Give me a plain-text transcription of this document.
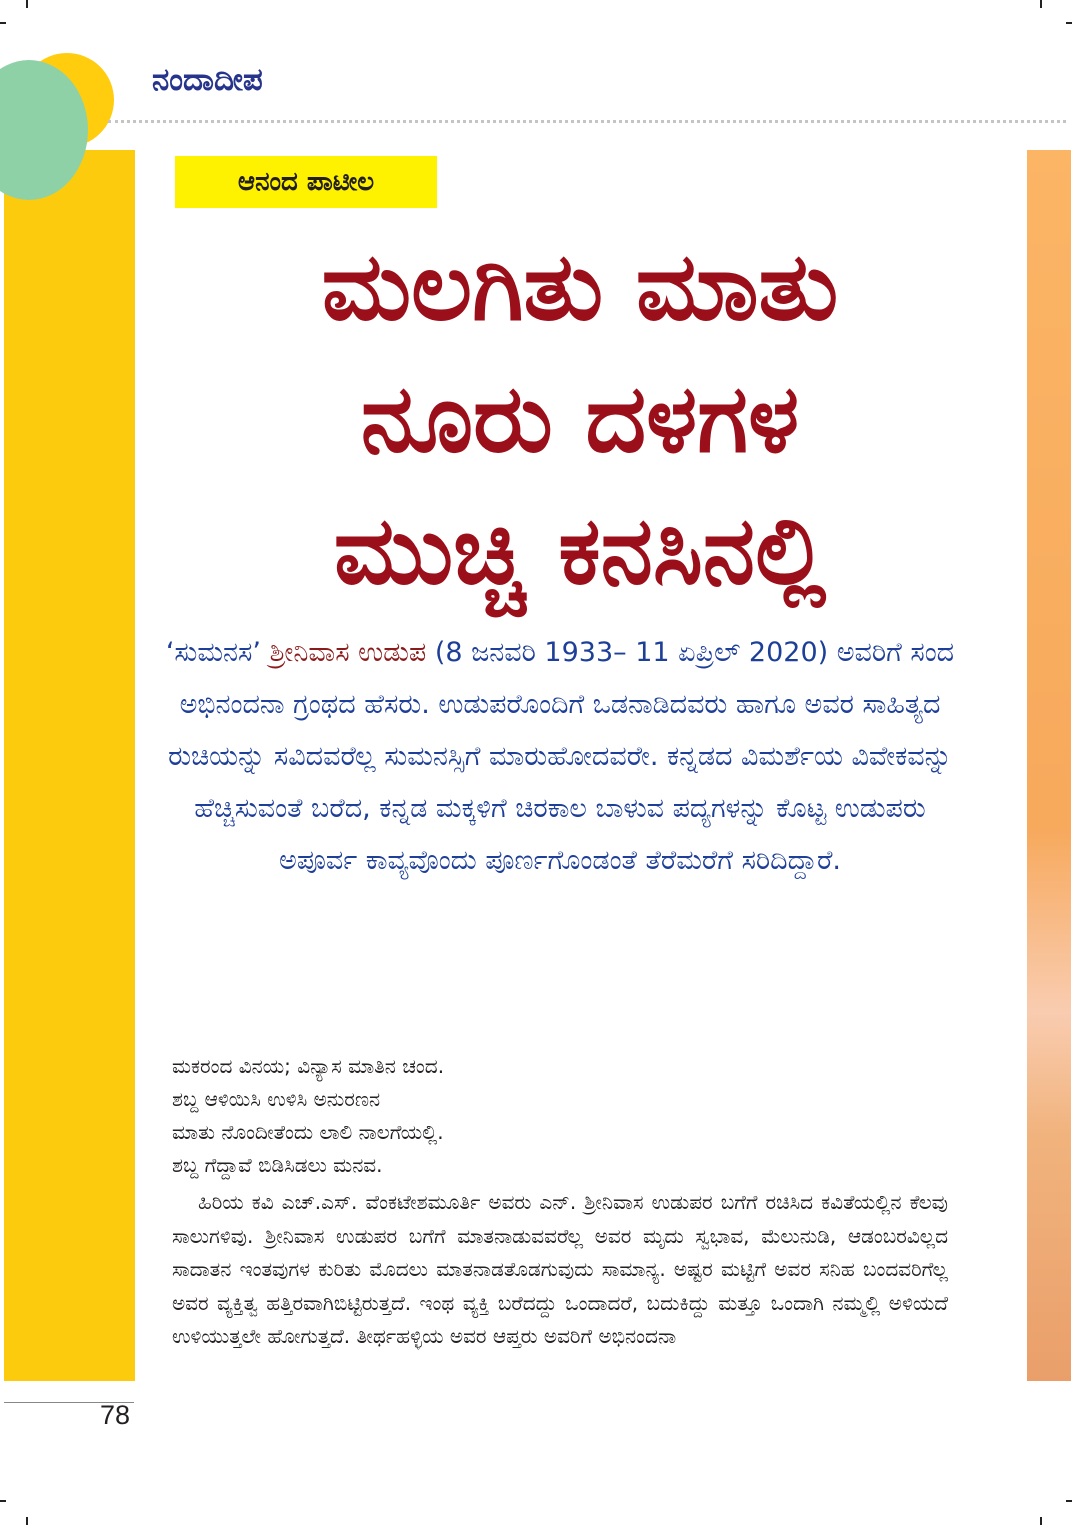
ನಂದಾದೀಪ
ಆನಂದ ಪಾಟೀಲ
ಮಲಗಿತು ಮಾತು
ನೂರು ದಳಗಳ
ಮುಚ್ಚಿ ಕನಸಿನಲ್ಲಿ
‘ಸುಮನಸ’ ಶ್ರೀನಿವಾಸ ಉಡುಪ (8 ಜನವರಿ 1933– 11 ಏಪ್ರಿಲ್ 2020) ಅವರಿಗೆ ಸಂದ ಅಭಿನಂದನಾ ಗ್ರಂಥದ ಹೆಸರು. ಉಡುಪರೊಂದಿಗೆ ಒಡನಾಡಿದವರು ಹಾಗೂ ಅವರ ಸಾಹಿತ್ಯದ ರುಚಿಯನ್ನು ಸವಿದವರೆಲ್ಲ ಸುಮನಸ್ಸಿಗೆ ಮಾರುಹೋದವರೇ. ಕನ್ನಡದ ವಿಮರ್ಶೆಯ ವಿವೇಕವನ್ನು ಹೆಚ್ಚಿಸುವಂತೆ ಬರೆದ, ಕನ್ನಡ ಮಕ್ಕಳಿಗೆ ಚಿರಕಾಲ ಬಾಳುವ ಪದ್ಯಗಳನ್ನು ಕೊಟ್ಟ ಉಡುಪರು ಅಪೂರ್ವ ಕಾವ್ಯವೊಂದು ಪೂರ್ಣಗೊಂಡಂತೆ ತೆರೆಮರೆಗೆ ಸರಿದಿದ್ದಾರೆ.
ಮಕರಂದ ವಿನಯ; ವಿನ್ಯಾಸ ಮಾತಿನ ಚಂದ.
ಶಬ್ದ ಆಳಿಯಿಸಿ ಉಳಿಸಿ ಅನುರಣನ
ಮಾತು ನೊಂದೀತೆಂದು ಲಾಲಿ ನಾಲಗೆಯಲ್ಲಿ.
ಶಬ್ದ ಗೆದ್ದಾವೆ ಬಿಡಿಸಿಡಲು ಮನವ.
ಹಿರಿಯ ಕವಿ ಎಚ್.ಎಸ್. ವೆಂಕಟೇಶಮೂರ್ತಿ ಅವರು ಎನ್. ಶ್ರೀನಿವಾಸ ಉಡುಪರ ಬಗೆಗೆ ರಚಿಸಿದ ಕವಿತೆಯಲ್ಲಿನ ಕೆಲವು ಸಾಲುಗಳಿವು. ಶ್ರೀನಿವಾಸ ಉಡುಪರ ಬಗೆಗೆ ಮಾತನಾಡುವವರೆಲ್ಲ ಅವರ ಮೃದು ಸ್ವಭಾವ, ಮೆಲುನುಡಿ, ಆಡಂಬರವಿಲ್ಲದ ಸಾದಾತನ ಇಂತವುಗಳ ಕುರಿತು ಮೊದಲು ಮಾತನಾಡತೊಡಗುವುದು ಸಾಮಾನ್ಯ. ಅಷ್ಟರ ಮಟ್ಟಿಗೆ ಅವರ ಸನಿಹ ಬಂದವರಿಗೆಲ್ಲ ಅವರ ವ್ಯಕ್ತಿತ್ವ ಹತ್ತಿರವಾಗಿಬಿಟ್ಟಿರುತ್ತದೆ. ಇಂಥ ವ್ಯಕ್ತಿ ಬರೆದದ್ದು ಒಂದಾದರೆ, ಬದುಕಿದ್ದು ಮತ್ತೂ ಒಂದಾಗಿ ನಮ್ಮಲ್ಲಿ ಅಳಿಯದೆ ಉಳಿಯುತ್ತಲೇ ಹೋಗುತ್ತದೆ. ತೀರ್ಥಹಳ್ಳಿಯ ಅವರ ಆಪ್ತರು ಅವರಿಗೆ ಅಭಿನಂದನಾ
78
